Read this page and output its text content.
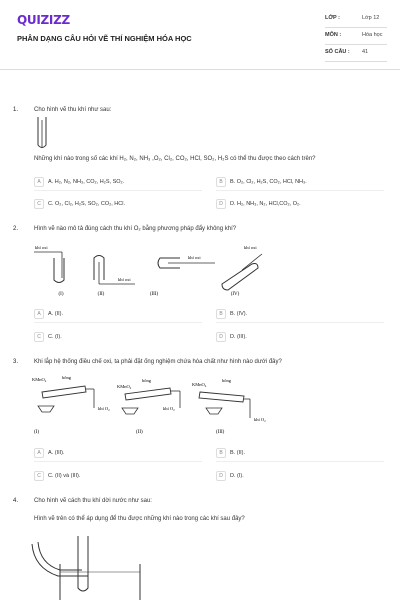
QUIZIZZ
PHÂN DẠNG CÂU HỎI VẼ THÍ NGHIỆM HÓA HỌC
LỚP :	Lớp 12
MÔN :	Hóa học
SỐ CÂU : 41
1.	Cho hình vẽ thu khí như sau:
Những khí nào trong số các khí H₂, N₂, NH₃ ,O₂, Cl₂, CO₂, HCl, SO₂, H₂S có thể thu được theo cách trên?
A	A. H₂, N₂, NH₃, CO₂, H₂S, SO₂.	B	B. O₂, Cl₂, H₂S, CO₂, HCl, NH₃.
C	C. O₂, Cl₂, H₂S, SO₂, CO₂, HCl.	D	D. H₂, NH₃, N₂, HCl,CO₂, O₂.
2.	Hình vẽ nào mô tả đúng cách thu khí O₂ bằng phương pháp đẩy không khí?
khí oxi
(I)
khí oxi
(II)
khí oxi
(III)
khí oxi
(IV)
A	A. (II).	B	B. (IV).
C	C. (I).	D	D. (III).
3.	Khi lắp hệ thống điều chế oxi, ta phải đặt ống nghiệm chứa hóa chất như hình nào dưới đây?
KMnO₄	bông
khí O₂
(I)
KMnO₄
bông
khí O₂
(II)
KMnO₄
bông
khí O₂
(III)
A	A. (III).	B	B. (II).
C	C. (II) và (III).	D	D. (I).
4.	Cho hình vẽ cách thu khí dời nước như sau:
Hình vẽ trên có thể áp dụng để thu được những khí nào trong các khí sau đây?
